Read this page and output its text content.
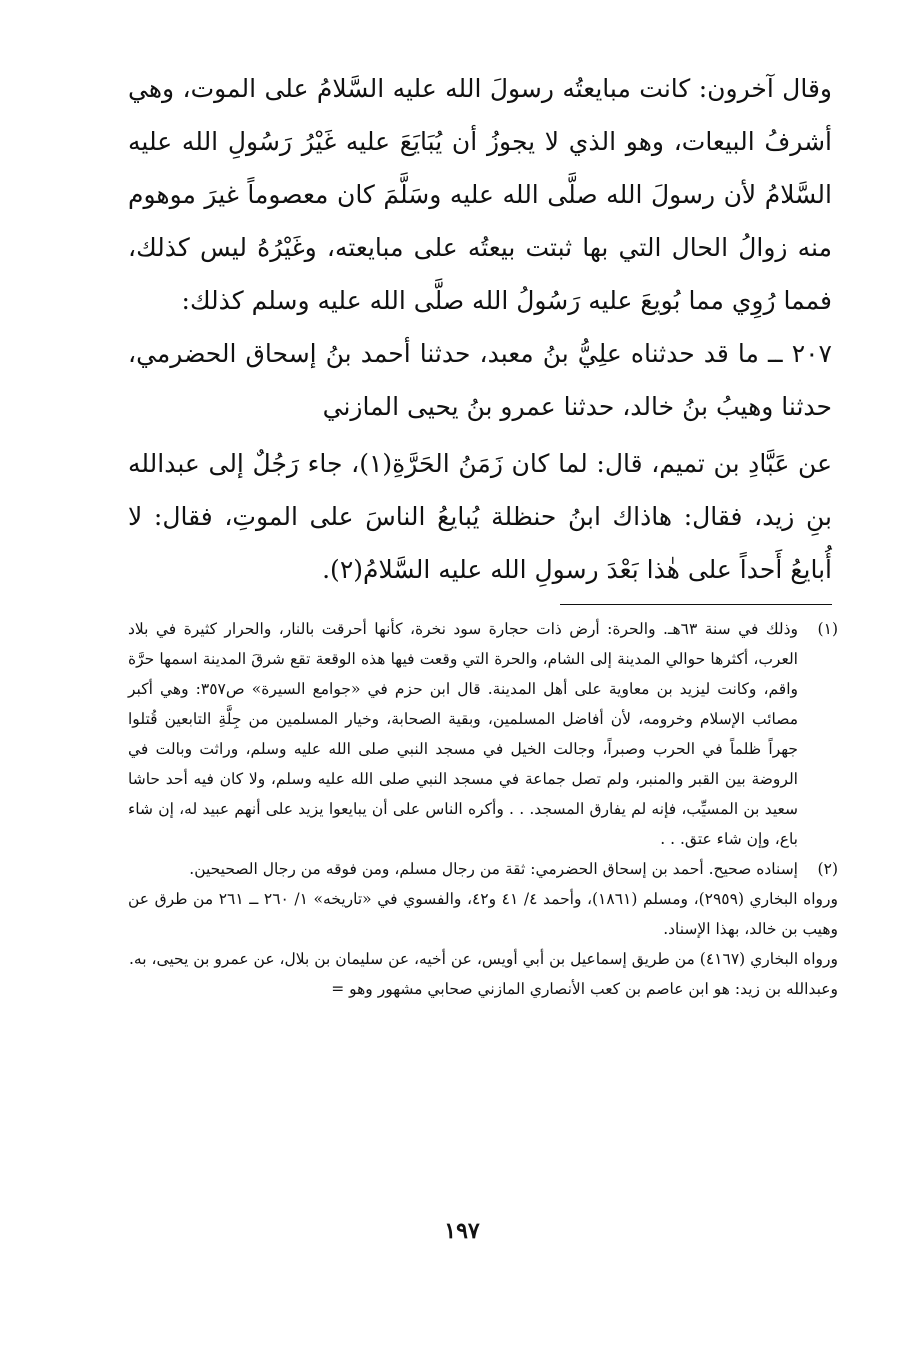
وقال آخرون: كانت مبايعتُه رسولَ الله عليه السَّلامُ على الموت، وهي أشرفُ البيعات، وهو الذي لا يجوزُ أن يُبَايَعَ عليه غَيْرُ رَسُولِ الله عليه السَّلامُ لأن رسولَ الله صلَّى الله عليه وسَلَّمَ كان معصوماً غيرَ موهوم منه زوالُ الحال التي بها ثبتت بيعتُه على مبايعته، وغَيْرُهُ ليس كذلك، فمما رُوِي مما بُويعَ عليه رَسُولُ الله صلَّى الله عليه وسلم كذلك:

٢٠٧ ــ ما قد حدثناه علِيُّ بنُ معبد، حدثنا أحمد بنُ إسحاق الحضرمي، حدثنا وهيبُ بنُ خالد، حدثنا عمرو بنُ يحيى المازني

عن عَبَّادِ بن تميم، قال: لما كان زَمَنُ الحَرَّةِ(١)، جاء رَجُلٌ إلى عبدالله بنِ زيد، فقال: هاذاك ابنُ حنظلة يُبايعُ الناسَ على الموتِ، فقال: لا أُبايعُ أَحداً على هٰذا بَعْدَ رسولِ الله عليه السَّلامُ(٢).

(١)

وذلك في سنة ٦٣هـ. والحرة: أرض ذات حجارة سود نخرة، كأنها أحرقت بالنار، والحرار كثيرة في بلاد العرب، أكثرها حوالي المدينة إلى الشام، والحرة التي وقعت فيها هذه الوقعة تقع شرقَ المدينة اسمها حرَّة واقم، وكانت ليزيد بن معاوية على أهل المدينة. قال ابن حزم في «جوامع السيرة» ص٣٥٧: وهي أكبر مصائب الإسلام وخرومه، لأن أفاضل المسلمين، وبقية الصحابة، وخيار المسلمين من جِلَّةِ التابعين قُتلوا جهراً ظلماً في الحرب وصبراً، وجالت الخيل في مسجد النبي صلى الله عليه وسلم، وراثت وبالت في الروضة بين القبر والمنبر، ولم تصل جماعة في مسجد النبي صلى الله عليه وسلم، ولا كان فيه أحد حاشا سعيد بن المسيِّب، فإنه لم يفارق المسجد. . . وأكره الناس على أن يبايعوا يزيد على أنهم عبيد له، إن شاء باع، وإن شاء عتق. . .

(٢)

إسناده صحيح. أحمد بن إسحاق الحضرمي: ثقة من رجال مسلم، ومن فوقه من رجال الصحيحين.

ورواه البخاري (٢٩٥٩)، ومسلم (١٨٦١)، وأحمد ٤/ ٤١ و٤٢، والفسوي في «تاريخه» ١/ ٢٦٠ ــ ٢٦١ من طرق عن وهيب بن خالد، بهذا الإسناد.

ورواه البخاري (٤١٦٧) من طريق إسماعيل بن أبي أويس، عن أخيه، عن سليمان بن بلال، عن عمرو بن يحيى، به.

وعبدالله بن زيد: هو ابن عاصم بن كعب الأنصاري المازني صحابي مشهور وهو =

١٩٧
